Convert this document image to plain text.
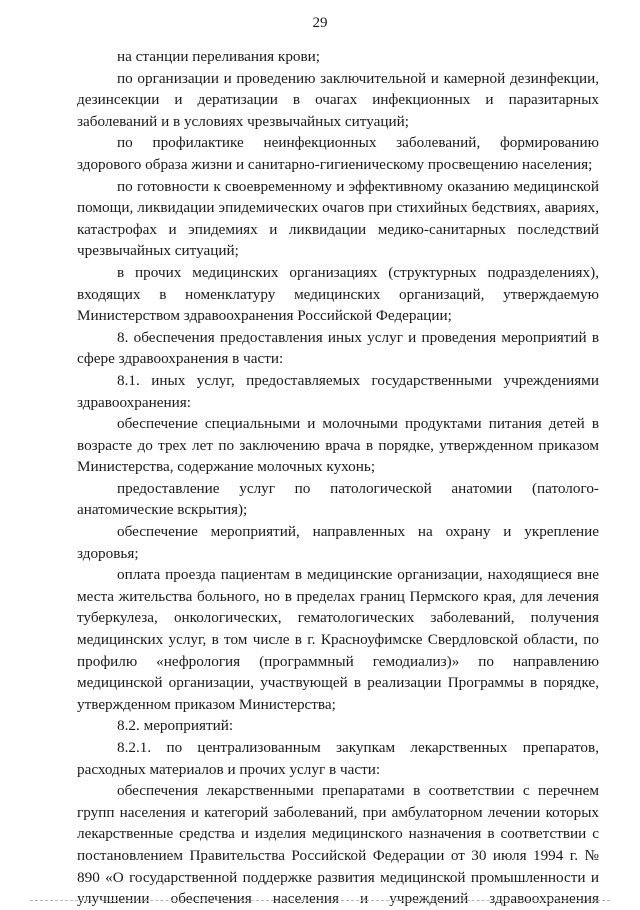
29

на станции переливания крови;

по организации и проведению заключительной и камерной дезинфекции, дезинсекции и дератизации в очагах инфекционных и паразитарных заболеваний и в условиях чрезвычайных ситуаций;

по профилактике неинфекционных заболеваний, формированию здорового образа жизни и санитарно-гигиеническому просвещению населения;

по готовности к своевременному и эффективному оказанию медицинской помощи, ликвидации эпидемических очагов при стихийных бедствиях, авариях, катастрофах и эпидемиях и ликвидации медико-санитарных последствий чрезвычайных ситуаций;

в прочих медицинских организациях (структурных подразделениях), входящих в номенклатуру медицинских организаций, утверждаемую Министерством здравоохранения Российской Федерации;

8. обеспечения предоставления иных услуг и проведения мероприятий в сфере здравоохранения в части:

8.1. иных услуг, предоставляемых государственными учреждениями здравоохранения:

обеспечение специальными и молочными продуктами питания детей в возрасте до трех лет по заключению врача в порядке, утвержденном приказом Министерства, содержание молочных кухонь;

предоставление услуг по патологической анатомии (патолого-анатомические вскрытия);

обеспечение мероприятий, направленных на охрану и укрепление здоровья;

оплата проезда пациентам в медицинские организации, находящиеся вне места жительства больного, но в пределах границ Пермского края, для лечения туберкулеза, онкологических, гематологических заболеваний, получения медицинских услуг, в том числе в г. Красноуфимске Свердловской области, по профилю «нефрология (программный гемодиализ)» по направлению медицинской организации, участвующей в реализации Программы в порядке, утвержденном приказом Министерства;

8.2. мероприятий:

8.2.1. по централизованным закупкам лекарственных препаратов, расходных материалов и прочих услуг в части:

обеспечения лекарственными препаратами в соответствии с перечнем групп населения и категорий заболеваний, при амбулаторном лечении которых лекарственные средства и изделия медицинского назначения в соответствии с постановлением Правительства Российской Федерации от 30 июля 1994 г. № 890 «О государственной поддержке развития медицинской промышленности и улучшении обеспечения населения и учреждений здравоохранения
